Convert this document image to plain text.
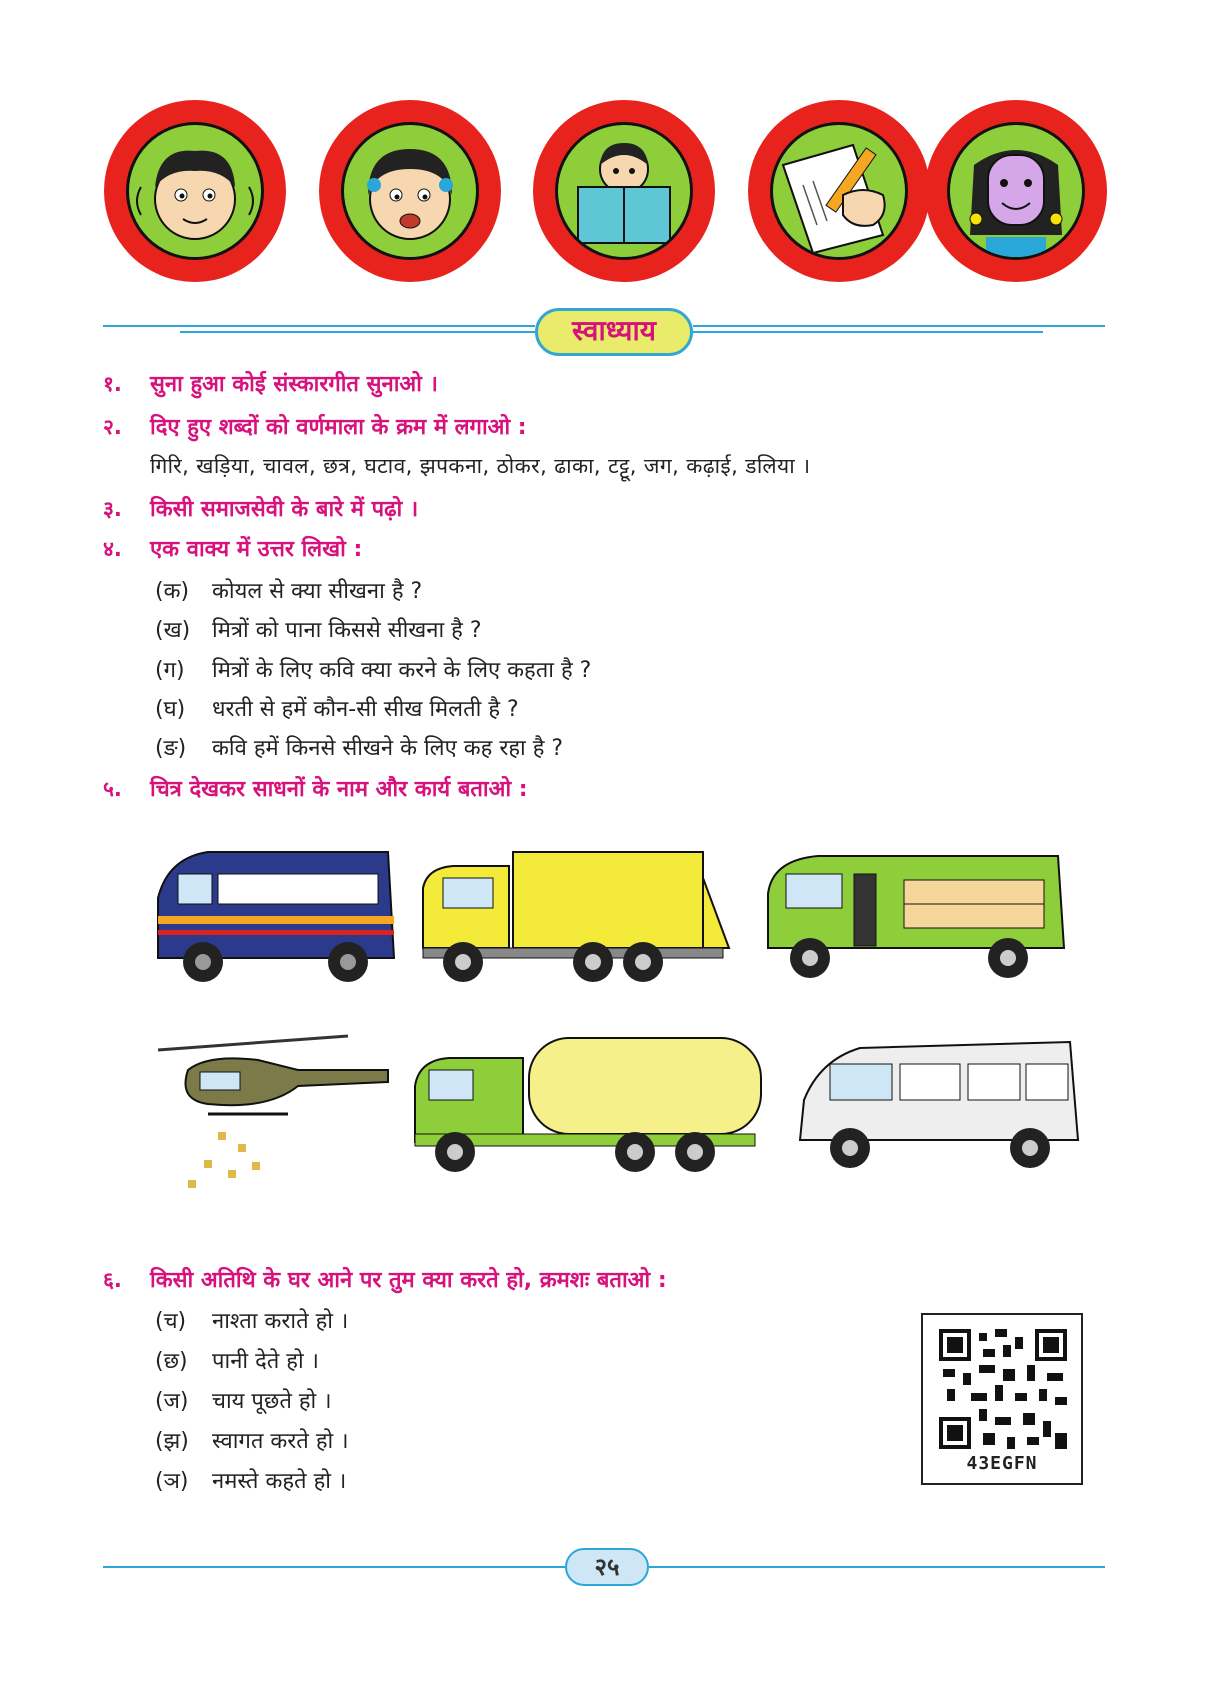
स्वाध्याय
१. सुना हुआ कोई संस्कारगीत सुनाओ ।
२. दिए हुए शब्दों को वर्णमाला के क्रम में लगाओ :
गिरि, खड़िया, चावल, छत्र, घटाव, झपकना, ठोकर, ढाका, टट्टू, जग, कढ़ाई, डलिया ।
३. किसी समाजसेवी के बारे में पढ़ो ।
४. एक वाक्य में उत्तर लिखो :
(क) कोयल से क्या सीखना है ?
(ख) मित्रों को पाना किससे सीखना है ?
(ग) मित्रों के लिए कवि क्या करने के लिए कहता है ?
(घ) धरती से हमें कौन-सी सीख मिलती है ?
(ङ) कवि हमें किनसे सीखने के लिए कह रहा है ?
५. चित्र देखकर साधनों के नाम और कार्य बताओ :
६. किसी अतिथि के घर आने पर तुम क्या करते हो, क्रमशः बताओ :
(च) नाश्ता कराते हो ।
(छ) पानी देते हो ।
(ज) चाय पूछते हो ।
(झ) स्वागत करते हो ।
(ञ) नमस्ते कहते हो ।
43EGFN
२५
